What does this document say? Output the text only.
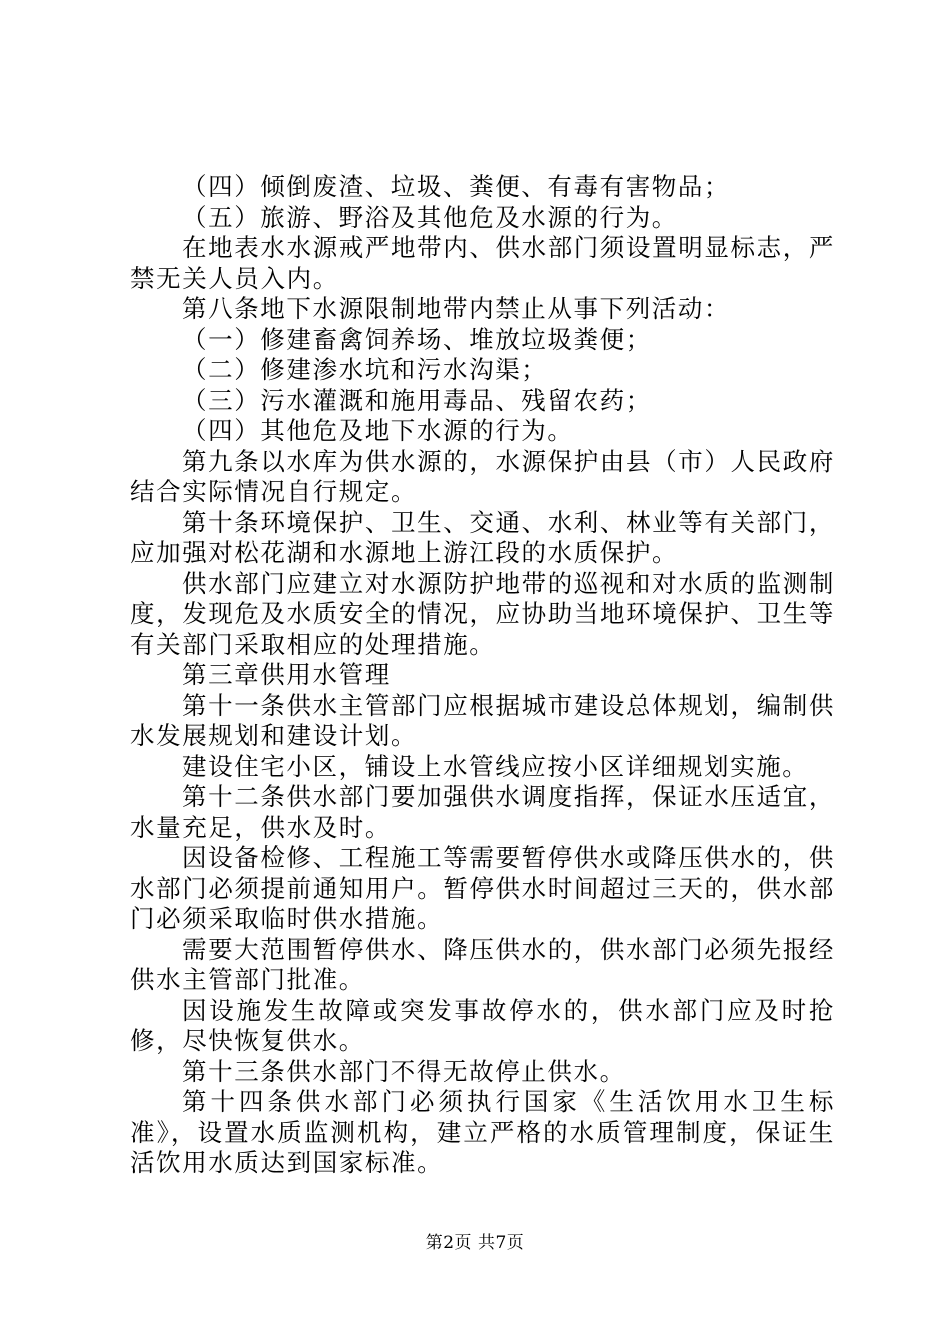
（四）倾倒废渣、垃圾、粪便、有毒有害物品；

（五）旅游、野浴及其他危及水源的行为。

在地表水水源戒严地带内、供水部门须设置明显标志，严禁无关人员入内。

第八条地下水源限制地带内禁止从事下列活动：

（一）修建畜禽饲养场、堆放垃圾粪便；

（二）修建渗水坑和污水沟渠；

（三）污水灌溉和施用毒品、残留农药；

（四）其他危及地下水源的行为。

第九条以水库为供水源的，水源保护由县（市）人民政府结合实际情况自行规定。

第十条环境保护、卫生、交通、水利、林业等有关部门，应加强对松花湖和水源地上游江段的水质保护。

供水部门应建立对水源防护地带的巡视和对水质的监测制度，发现危及水质安全的情况，应协助当地环境保护、卫生等有关部门采取相应的处理措施。

第三章供用水管理

第十一条供水主管部门应根据城市建设总体规划，编制供水发展规划和建设计划。

建设住宅小区，铺设上水管线应按小区详细规划实施。

第十二条供水部门要加强供水调度指挥，保证水压适宜，水量充足，供水及时。

因设备检修、工程施工等需要暂停供水或降压供水的，供水部门必须提前通知用户。暂停供水时间超过三天的，供水部门必须采取临时供水措施。

需要大范围暂停供水、降压供水的，供水部门必须先报经供水主管部门批准。

因设施发生故障或突发事故停水的，供水部门应及时抢修，尽快恢复供水。

第十三条供水部门不得无故停止供水。

第十四条供水部门必须执行国家《生活饮用水卫生标准》，设置水质监测机构，建立严格的水质管理制度，保证生活饮用水质达到国家标准。

第2页 共7页
